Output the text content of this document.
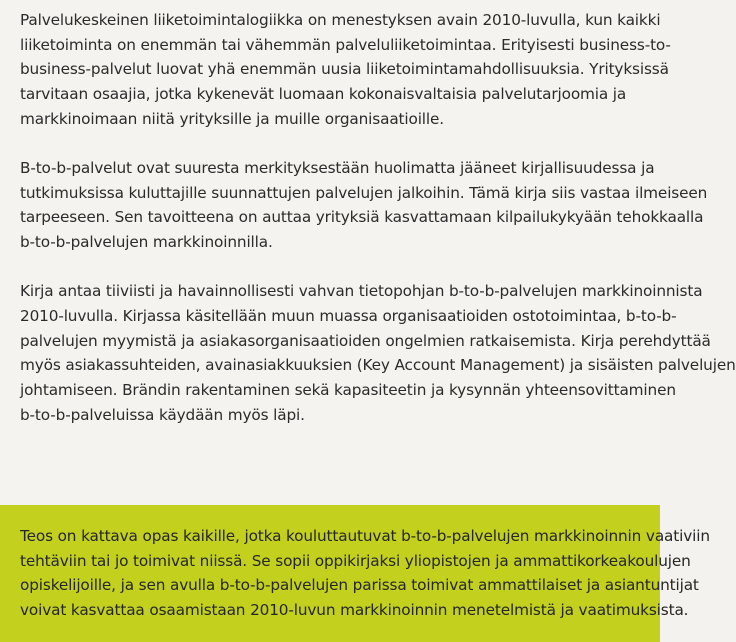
Palvelukeskeinen liiketoimintalogiikka on menestyksen avain 2010-luvulla, kun kaikki
liiketoiminta on enemmän tai vähemmän palveluliiketoimintaa. Erityisesti business-to-
business-palvelut luovat yhä enemmän uusia liiketoimintamahdollisuuksia. Yrityksissä
tarvitaan osaajia, jotka kykenevät luomaan kokonaisvaltaisia palvelutarjoomia ja
markkinoimaan niitä yrityksille ja muille organisaatioille.

B-to-b-palvelut ovat suuresta merkityksestään huolimatta jääneet kirjallisuudessa ja
tutkimuksissa kuluttajille suunnattujen palvelujen jalkoihin. Tämä kirja siis vastaa ilmeiseen
tarpeeseen. Sen tavoitteena on auttaa yrityksiä kasvattamaan kilpailukykyään tehokkaalla
b-to-b-palvelujen markkinoinnilla.

Kirja antaa tiiviisti ja havainnollisesti vahvan tietopohjan b-to-b-palvelujen markkinoinnista
2010-luvulla. Kirjassa käsitellään muun muassa organisaatioiden ostotoimintaa, b-to-b-
palvelujen myymistä ja asiakasorganisaatioiden ongelmien ratkaisemista. Kirja perehdyttää
myös asiakassuhteiden, avainasiakkuuksien (Key Account Management) ja sisäisten palvelujen
johtamiseen. Brändin rakentaminen sekä kapasiteetin ja kysynnän yhteensovittaminen
b-to-b-palveluissa käydään myös läpi.

Teos on kattava opas kaikille, jotka kouluttautuvat b-to-b-palvelujen markkinoinnin vaativiin
tehtäviin tai jo toimivat niissä. Se sopii oppikirjaksi yliopistojen ja ammattikorkeakoulujen
opiskelijoille, ja sen avulla b-to-b-palvelujen parissa toimivat ammattilaiset ja asiantuntijat
voivat kasvattaa osaamistaan 2010-luvun markkinoinnin menetelmistä ja vaatimuksista.
